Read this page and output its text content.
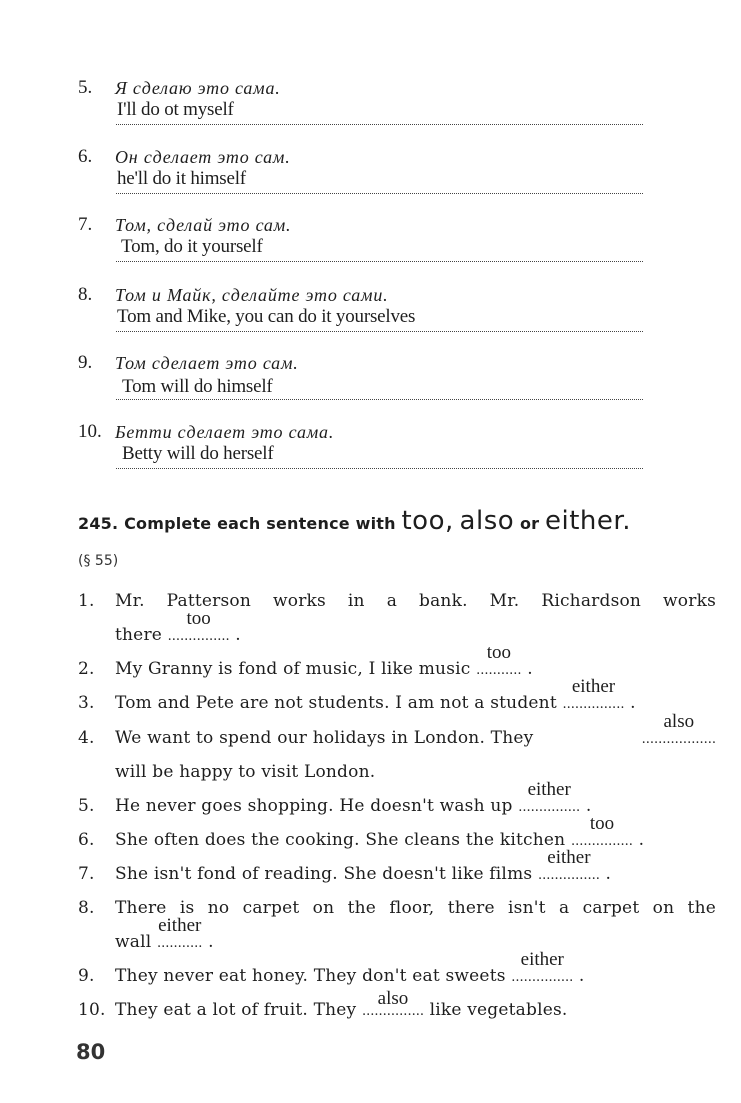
5. Я сделаю это сама.
I'll do ot myself
6. Он сделает это сам.
he'll do it himself
7. Том, сделай это сам.
Tom, do it yourself
8. Том и Майк, сделайте это сами.
Tom and Mike, you can do it yourselves
9. Том сделает это сам.
Tom will do himself
10. Бетти сделает это сама.
Betty will do herself
245. Complete each sentence with too, also or either.
(§ 55)
1. Mr. Patterson works in a bank. Mr. Richardson works
there ...............
too
.
2. My Granny is fond of music, I like music ...........
too
.
3. Tom and Pete are not students. I am not a student ...............
either
.
4. We want to spend our holidays in London. They	..................
also
will be happy to visit London.
5. He never goes shopping. He doesn't wash up ...............
either
.
6. She often does the cooking. She cleans the kitchen ...............
too
.
7. She isn't fond of reading. She doesn't like films ...............
either
.
8. There is no carpet on the floor, there isn't a carpet on the
wall ...........
either
.
9. They never eat honey. They don't eat sweets ...............
either
.
10. They eat a lot of fruit. They ...............
also
like vegetables.
80
